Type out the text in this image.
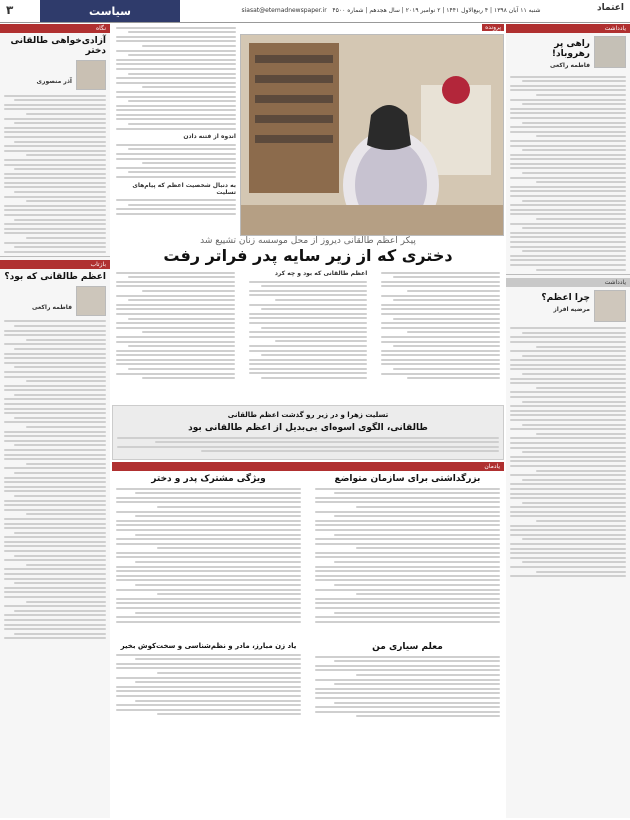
اعتماد
شنبه ۱۱ آبان ۱۳۹۸ | ۴ ربیع‌الاول ۱۴۴۱ | ۲ نوامبر ۲۰۱۹ | سال هجدهم | شماره ۴۵۰۰   siasat@etemadnewspaper.ir
سیاست
۳
یادداشت
راهی پر رهروباد!
فاطمه راکعی
یادداشت
چرا اعظم؟
مرضیه افراز
نگاه
آزادی‌خواهی طالقانی دختر
آذر منصوری
بازتاب
اعظم طالقانی که بود؟
فاطمه راکعی
پرونده
اندوه از فتنه دادن
به دنبال شخصیت اعظم که پیام‌های تسلیت
پیکر اعظم طالقانی دیروز از محل موسسه زنان تشییع شد
دختری که از زیر سایه پدر فراتر رفت
اعظم طالقانی که بود و چه کرد
تسلیت زهرا و در زیر رو گذشت اعظم طالقانی
طالقانی، الگوی اسوه‌ای بی‌بدیل از اعظم طالقانی بود
یادمان
بزرگداشتی برای سازمان متواضع
ویژگی مشترک پدر و دختر
معلم سیاری من
یاد زن مبارز، مادر و نظم‌شناسی و سخت‌کوش بخیر
